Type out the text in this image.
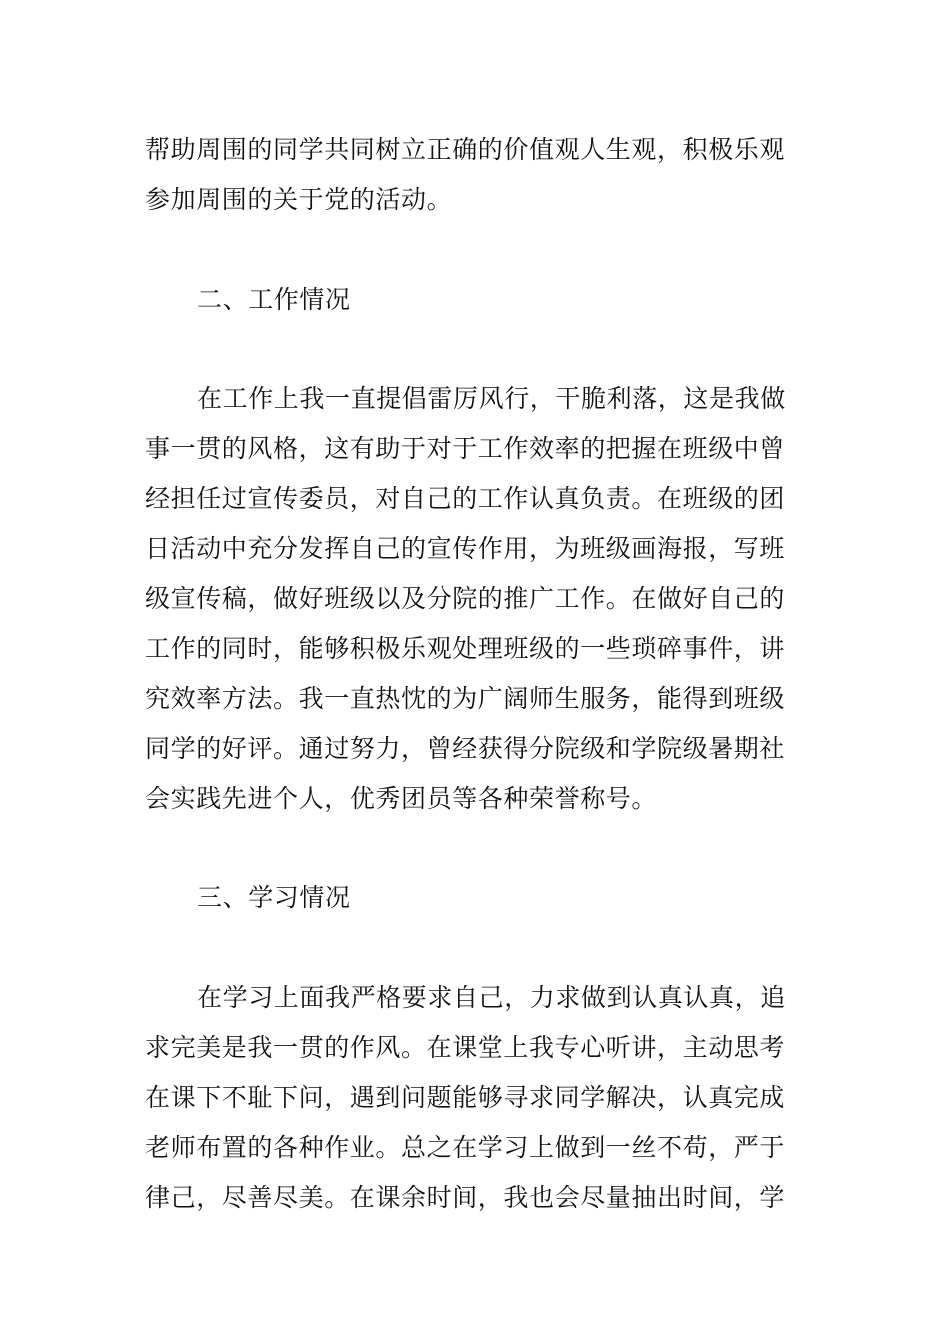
帮助周围的同学共同树立正确的价值观人生观，积极乐观
参加周围的关于党的活动。
二、工作情况
在工作上我一直提倡雷厉风行，干脆利落，这是我做
事一贯的风格，这有助于对于工作效率的把握在班级中曾
经担任过宣传委员，对自己的工作认真负责。在班级的团
日活动中充分发挥自己的宣传作用，为班级画海报，写班
级宣传稿，做好班级以及分院的推广工作。在做好自己的
工作的同时，能够积极乐观处理班级的一些琐碎事件，讲
究效率方法。我一直热忱的为广阔师生服务，能得到班级
同学的好评。通过努力，曾经获得分院级和学院级暑期社
会实践先进个人，优秀团员等各种荣誉称号。
三、学习情况
在学习上面我严格要求自己，力求做到认真认真，追
求完美是我一贯的作风。在课堂上我专心听讲，主动思考
在课下不耻下问，遇到问题能够寻求同学解决，认真完成
老师布置的各种作业。总之在学习上做到一丝不苟，严于
律己，尽善尽美。在课余时间，我也会尽量抽出时间，学
